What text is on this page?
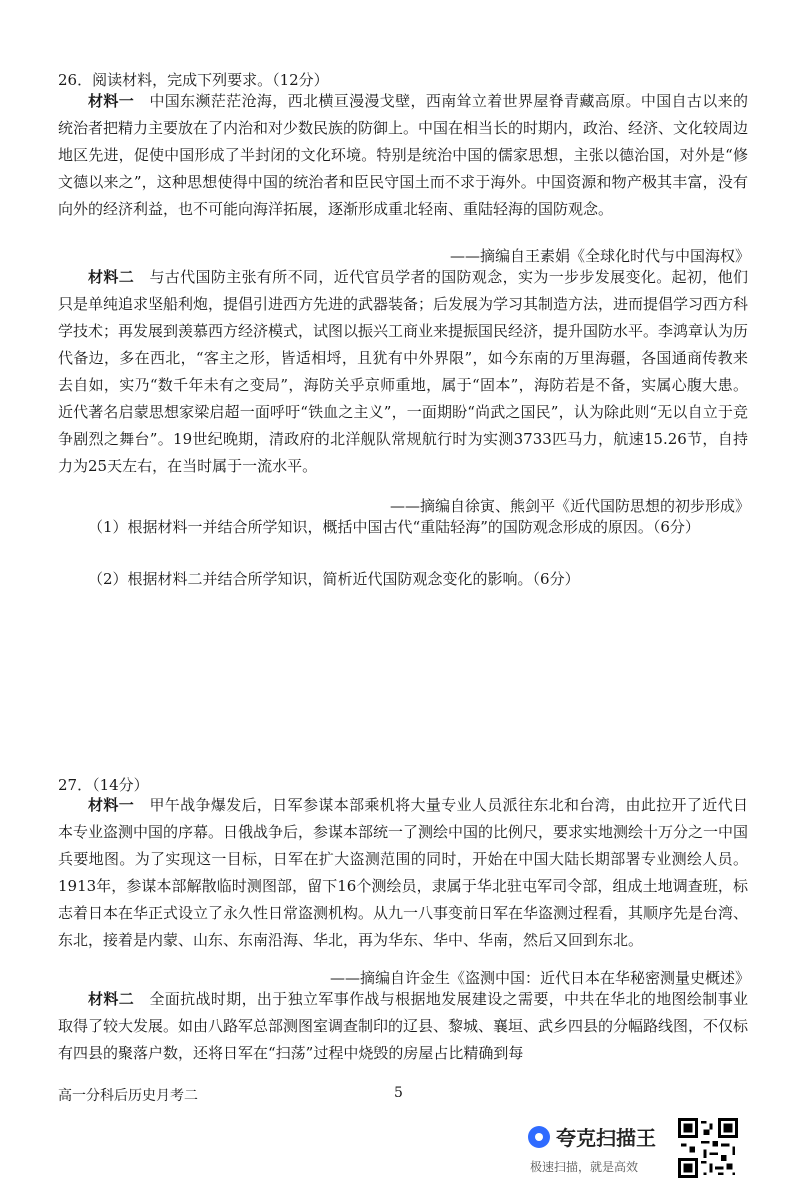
26．阅读材料，完成下列要求。（12分）

材料一　 中国东濒茫茫沧海，西北横亘漫漫戈壁，西南耸立着世界屋脊青藏高原。中国自古以来的统治者把精力主要放在了内治和对少数民族的防御上。中国在相当长的时期内，政治、经济、文化较周边地区先进，促使中国形成了半封闭的文化环境。特别是统治中国的儒家思想，主张以德治国，对外是“修文德以来之”，这种思想使得中国的统治者和臣民守国土而不求于海外。中国资源和物产极其丰富，没有向外的经济利益，也不可能向海洋拓展，逐渐形成重北轻南、重陆轻海的国防观念。

——摘编自王素娟《全球化时代与中国海权》

材料二　 与古代国防主张有所不同，近代官员学者的国防观念，实为一步步发展变化。起初，他们只是单纯追求坚船利炮，提倡引进西方先进的武器装备；后发展为学习其制造方法，进而提倡学习西方科学技术；再发展到羡慕西方经济模式，试图以振兴工商业来提振国民经济，提升国防水平。李鸿章认为历代备边，多在西北，“客主之形，皆适相埒，且犹有中外界限”，如今东南的万里海疆，各国通商传教来去自如，实乃“数千年未有之变局”，海防关乎京师重地，属于“固本”，海防若是不备，实属心腹大患。近代著名启蒙思想家梁启超一面呼吁“铁血之主义”，一面期盼“尚武之国民”，认为除此则“无以自立于竞争剧烈之舞台”。19世纪晚期，清政府的北洋舰队常规航行时为实测3733匹马力，航速15.26节，自持力为25天左右，在当时属于一流水平。

——摘编自徐寅、熊剑平《近代国防思想的初步形成》

（1）根据材料一并结合所学知识，概括中国古代“重陆轻海”的国防观念形成的原因。（6分）

（2）根据材料二并结合所学知识，简析近代国防观念变化的影响。（6分）

27．（14分）

材料一　 甲午战争爆发后，日军参谋本部乘机将大量专业人员派往东北和台湾，由此拉开了近代日本专业盗测中国的序幕。日俄战争后，参谋本部统一了测绘中国的比例尺，要求实地测绘十万分之一中国兵要地图。为了实现这一目标，日军在扩大盗测范围的同时，开始在中国大陆长期部署专业测绘人员。1913年，参谋本部解散临时测图部，留下16个测绘员，隶属于华北驻屯军司令部，组成土地调查班，标志着日本在华正式设立了永久性日常盗测机构。从九一八事变前日军在华盗测过程看，其顺序先是台湾、东北，接着是内蒙、山东、东南沿海、华北，再为华东、华中、华南，然后又回到东北。

——摘编自许金生《盗测中国：近代日本在华秘密测量史概述》

材料二　 全面抗战时期，出于独立军事作战与根据地发展建设之需要，中共在华北的地图绘制事业取得了较大发展。如由八路军总部测图室调查制印的辽县、黎城、襄垣、武乡四县的分幅路线图，不仅标有四县的聚落户数，还将日军在“扫荡”过程中烧毁的房屋占比精确到每

高一分科后历史月考二	5
夸克扫描王
极速扫描，就是高效
